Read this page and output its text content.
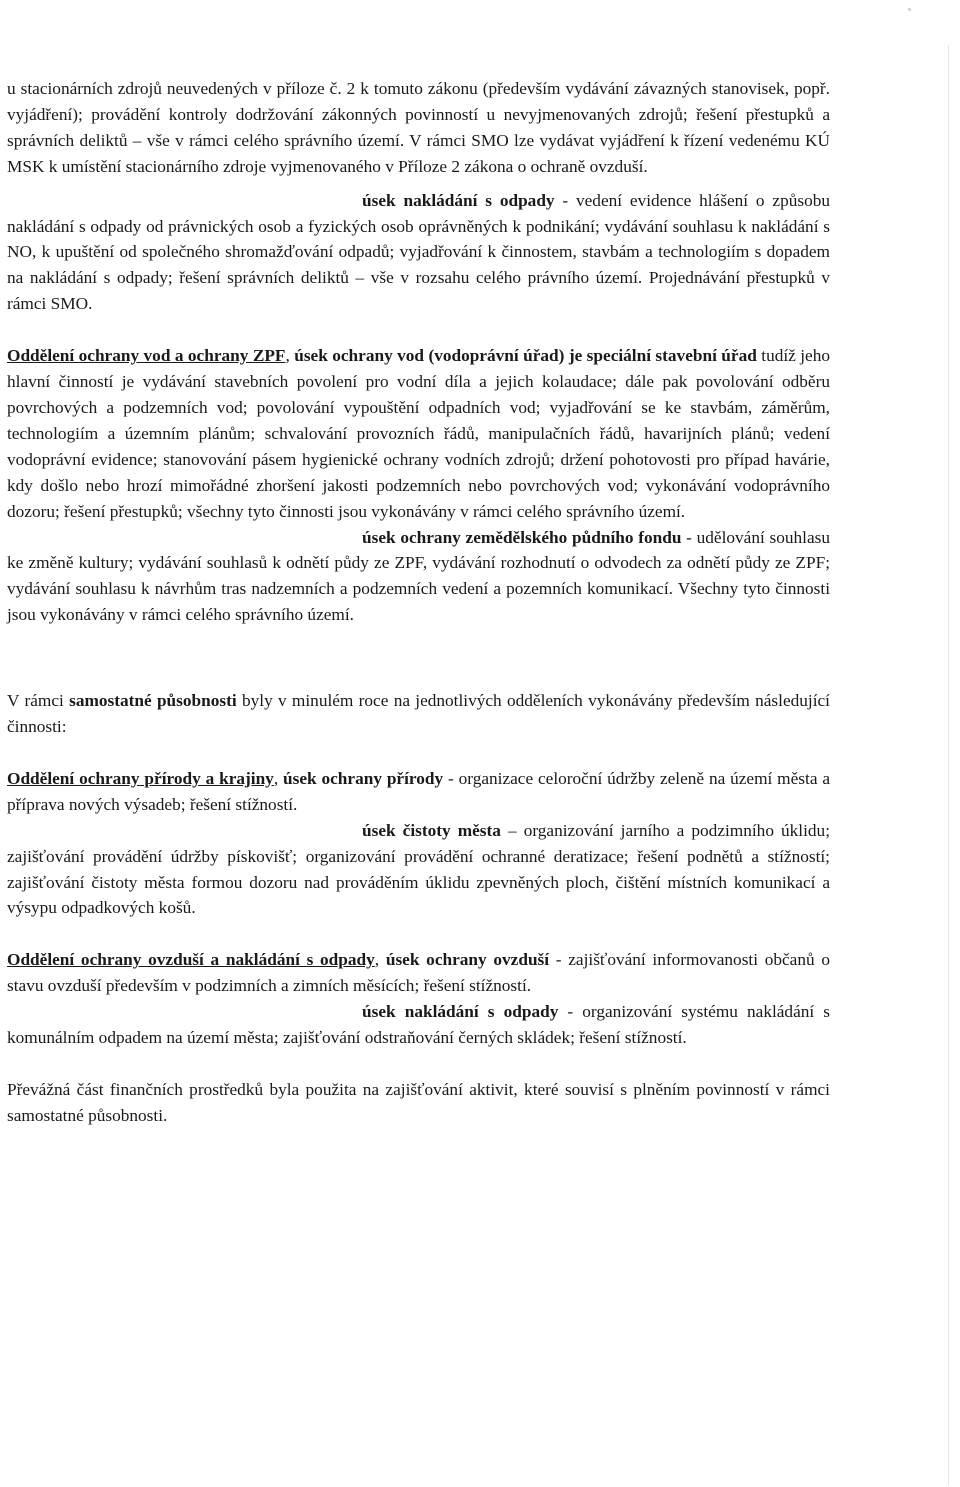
u stacionárních zdrojů neuvedených v příloze č. 2 k tomuto zákonu (především vydávání závazných stanovisek, popř. vyjádření); provádění kontroly dodržování zákonných povinností u nevyjmenovaných zdrojů; řešení přestupků a správních deliktů – vše v rámci celého správního území. V rámci SMO lze vydávat vyjádření k řízení vedenému KÚ MSK k umístění stacionárního zdroje vyjmenovaného v Příloze 2 zákona o ochraně ovzduší.

úsek nakládání s odpady - vedení evidence hlášení o způsobu nakládání s odpady od právnických osob a fyzických osob oprávněných k podnikání; vydávání souhlasu k nakládání s NO, k upuštění od společného shromažďování odpadů; vyjadřování k činnostem, stavbám a technologiím s dopadem na nakládání s odpady; řešení správních deliktů – vše v rozsahu celého právního území. Projednávání přestupků v rámci SMO.

Oddělení ochrany vod a ochrany ZPF, úsek ochrany vod (vodoprávní úřad) je speciální stavební úřad tudíž jeho hlavní činností je vydávání stavebních povolení pro vodní díla a jejich kolaudace; dále pak povolování odběru povrchových a podzemních vod; povolování vypouštění odpadních vod; vyjadřování se ke stavbám, záměrům, technologiím a územním plánům; schvalování provozních řádů, manipulačních řádů, havarijních plánů; vedení vodoprávní evidence; stanovování pásem hygienické ochrany vodních zdrojů; držení pohotovosti pro případ havárie, kdy došlo nebo hrozí mimořádné zhoršení jakosti podzemních nebo povrchových vod; vykonávání vodoprávního dozoru; řešení přestupků; všechny tyto činnosti jsou vykonávány v rámci celého správního území.

úsek ochrany zemědělského půdního fondu - udělování souhlasu ke změně kultury; vydávání souhlasů k odnětí půdy ze ZPF, vydávání rozhodnutí o odvodech za odnětí půdy ze ZPF; vydávání souhlasu k návrhům tras nadzemních a podzemních vedení a pozemních komunikací. Všechny tyto činnosti jsou vykonávány v rámci celého správního území.

V rámci samostatné působnosti byly v minulém roce na jednotlivých odděleních vykonávány především následující činnosti:

Oddělení ochrany přírody a krajiny, úsek ochrany přírody - organizace celoroční údržby zeleně na území města a příprava nových výsadeb; řešení stížností.

úsek čistoty města – organizování jarního a podzimního úklidu; zajišťování provádění údržby pískovišť; organizování provádění ochranné deratizace; řešení podnětů a stížností; zajišťování čistoty města formou dozoru nad prováděním úklidu zpevněných ploch, čištění místních komunikací a výsypu odpadkových košů.

Oddělení ochrany ovzduší a nakládání s odpady, úsek ochrany ovzduší - zajišťování informovanosti občanů o stavu ovzduší především v podzimních a zimních měsících; řešení stížností.

úsek nakládání s odpady - organizování systému nakládání s komunálním odpadem na území města; zajišťování odstraňování černých skládek; řešení stížností.

Převážná část finančních prostředků byla použita na zajišťování aktivit, které souvisí s plněním povinností v rámci samostatné působnosti.
